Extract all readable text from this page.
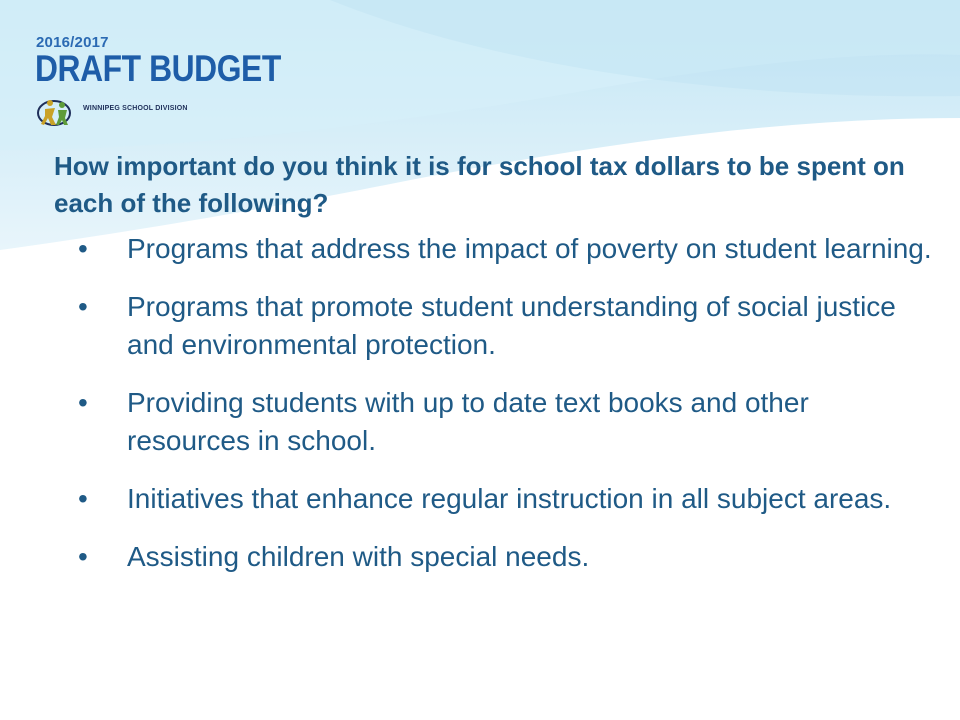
2016/2017
DRAFT BUDGET
WINNIPEG SCHOOL DIVISION

How important do you think it is for school tax dollars to be spent on each of the following?

• Programs that address the impact of poverty on student learning.
• Programs that promote student understanding of social justice and environmental protection.
• Providing students with up to date text books and other resources in school.
• Initiatives that enhance regular instruction in all subject areas.
• Assisting children with special needs.
